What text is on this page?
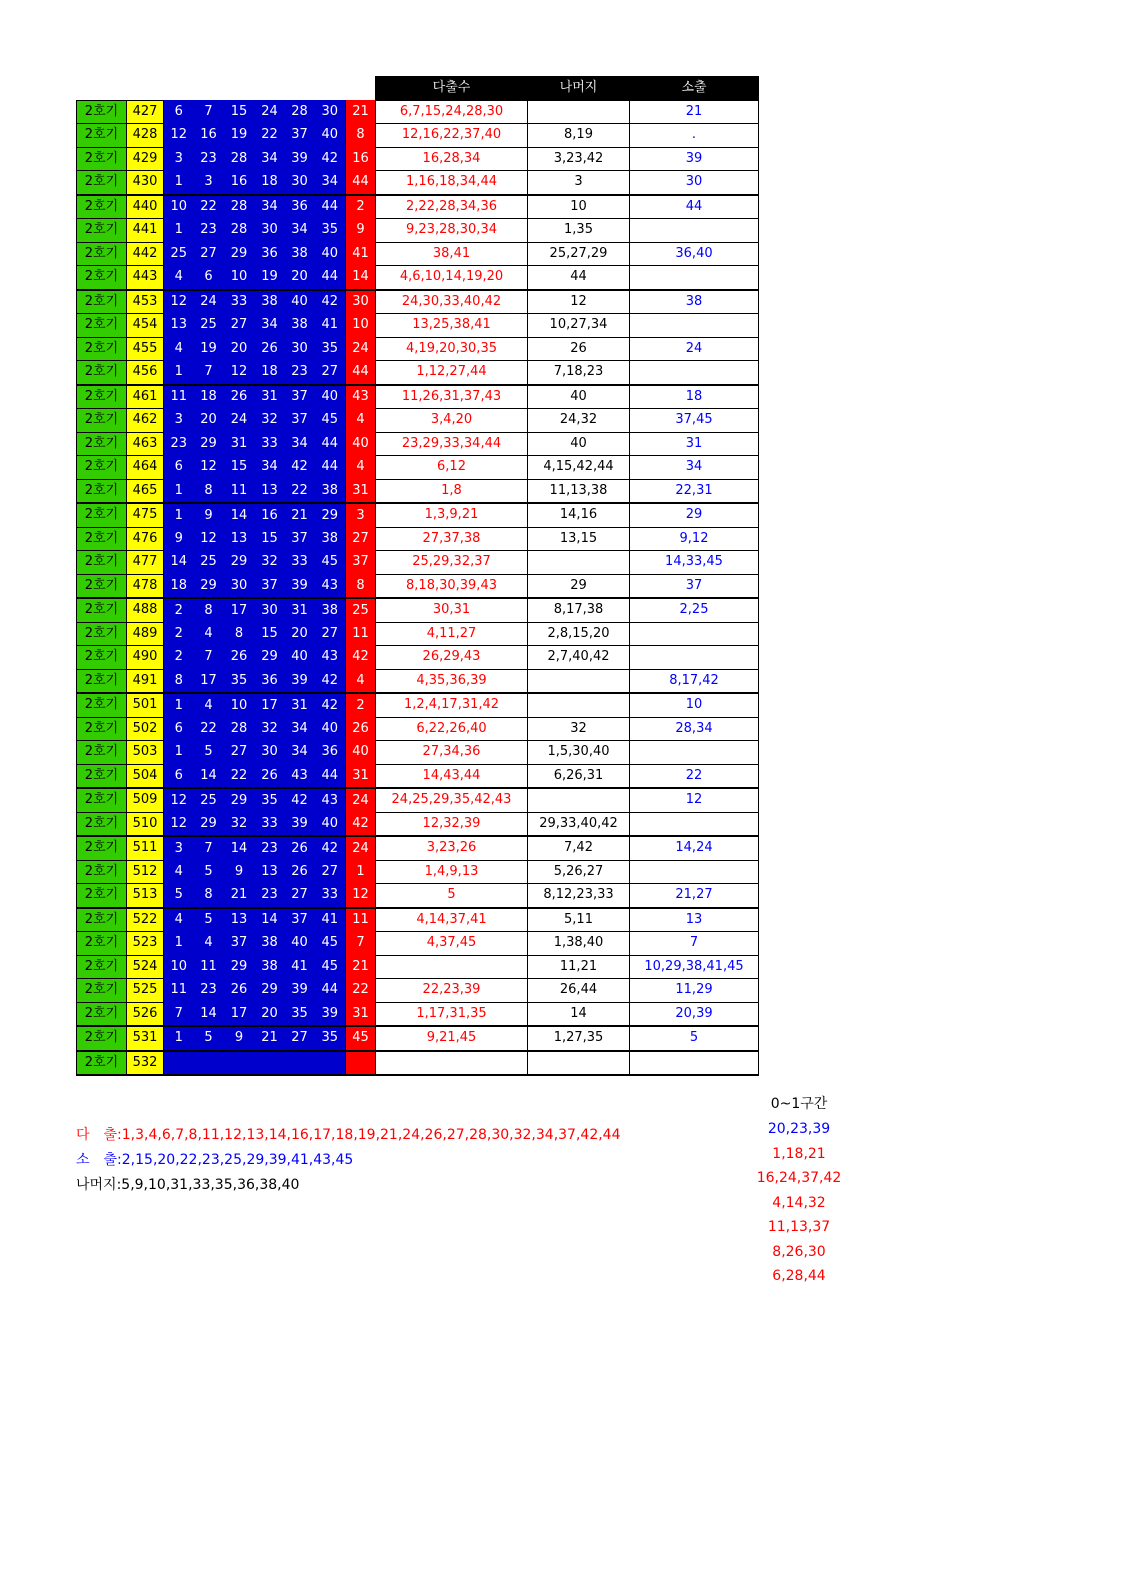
									다출수	나머지	소출
2호기	427	6	7	15	24	28	30	21	6,7,15,24,28,30		21
2호기	428	12	16	19	22	37	40	8	12,16,22,37,40	8,19	.
2호기	429	3	23	28	34	39	42	16	16,28,34	3,23,42	39
2호기	430	1	3	16	18	30	34	44	1,16,18,34,44	3	30
2호기	440	10	22	28	34	36	44	2	2,22,28,34,36	10	44
2호기	441	1	23	28	30	34	35	9	9,23,28,30,34	1,35	
2호기	442	25	27	29	36	38	40	41	38,41	25,27,29	36,40
2호기	443	4	6	10	19	20	44	14	4,6,10,14,19,20	44	
2호기	453	12	24	33	38	40	42	30	24,30,33,40,42	12	38
2호기	454	13	25	27	34	38	41	10	13,25,38,41	10,27,34	
2호기	455	4	19	20	26	30	35	24	4,19,20,30,35	26	24
2호기	456	1	7	12	18	23	27	44	1,12,27,44	7,18,23	
2호기	461	11	18	26	31	37	40	43	11,26,31,37,43	40	18
2호기	462	3	20	24	32	37	45	4	3,4,20	24,32	37,45
2호기	463	23	29	31	33	34	44	40	23,29,33,34,44	40	31
2호기	464	6	12	15	34	42	44	4	6,12	4,15,42,44	34
2호기	465	1	8	11	13	22	38	31	1,8	11,13,38	22,31
2호기	475	1	9	14	16	21	29	3	1,3,9,21	14,16	29
2호기	476	9	12	13	15	37	38	27	27,37,38	13,15	9,12
2호기	477	14	25	29	32	33	45	37	25,29,32,37		14,33,45
2호기	478	18	29	30	37	39	43	8	8,18,30,39,43	29	37
2호기	488	2	8	17	30	31	38	25	30,31	8,17,38	2,25
2호기	489	2	4	8	15	20	27	11	4,11,27	2,8,15,20	
2호기	490	2	7	26	29	40	43	42	26,29,43	2,7,40,42	
2호기	491	8	17	35	36	39	42	4	4,35,36,39		8,17,42
2호기	501	1	4	10	17	31	42	2	1,2,4,17,31,42		10
2호기	502	6	22	28	32	34	40	26	6,22,26,40	32	28,34
2호기	503	1	5	27	30	34	36	40	27,34,36	1,5,30,40	
2호기	504	6	14	22	26	43	44	31	14,43,44	6,26,31	22
2호기	509	12	25	29	35	42	43	24	24,25,29,35,42,43		12
2호기	510	12	29	32	33	39	40	42	12,32,39	29,33,40,42	
2호기	511	3	7	14	23	26	42	24	3,23,26	7,42	14,24
2호기	512	4	5	9	13	26	27	1	1,4,9,13	5,26,27	
2호기	513	5	8	21	23	27	33	12	5	8,12,23,33	21,27
2호기	522	4	5	13	14	37	41	11	4,14,37,41	5,11	13
2호기	523	1	4	37	38	40	45	7	4,37,45	1,38,40	7
2호기	524	10	11	29	38	41	45	21		11,21	10,29,38,41,45
2호기	525	11	23	26	29	39	44	22	22,23,39	26,44	11,29
2호기	526	7	14	17	20	35	39	31	1,17,31,35	14	20,39
2호기	531	1	5	9	21	27	35	45	9,21,45	1,27,35	5
2호기	532										
다　출:1,3,4,6,7,8,11,12,13,14,16,17,18,19,21,24,26,27,28,30,32,34,37,42,44
소　출:2,15,20,22,23,25,29,39,41,43,45
나머지:5,9,10,31,33,35,36,38,40
0~1구간
20,23,39
1,18,21
16,24,37,42
4,14,32
11,13,37
8,26,30
6,28,44
